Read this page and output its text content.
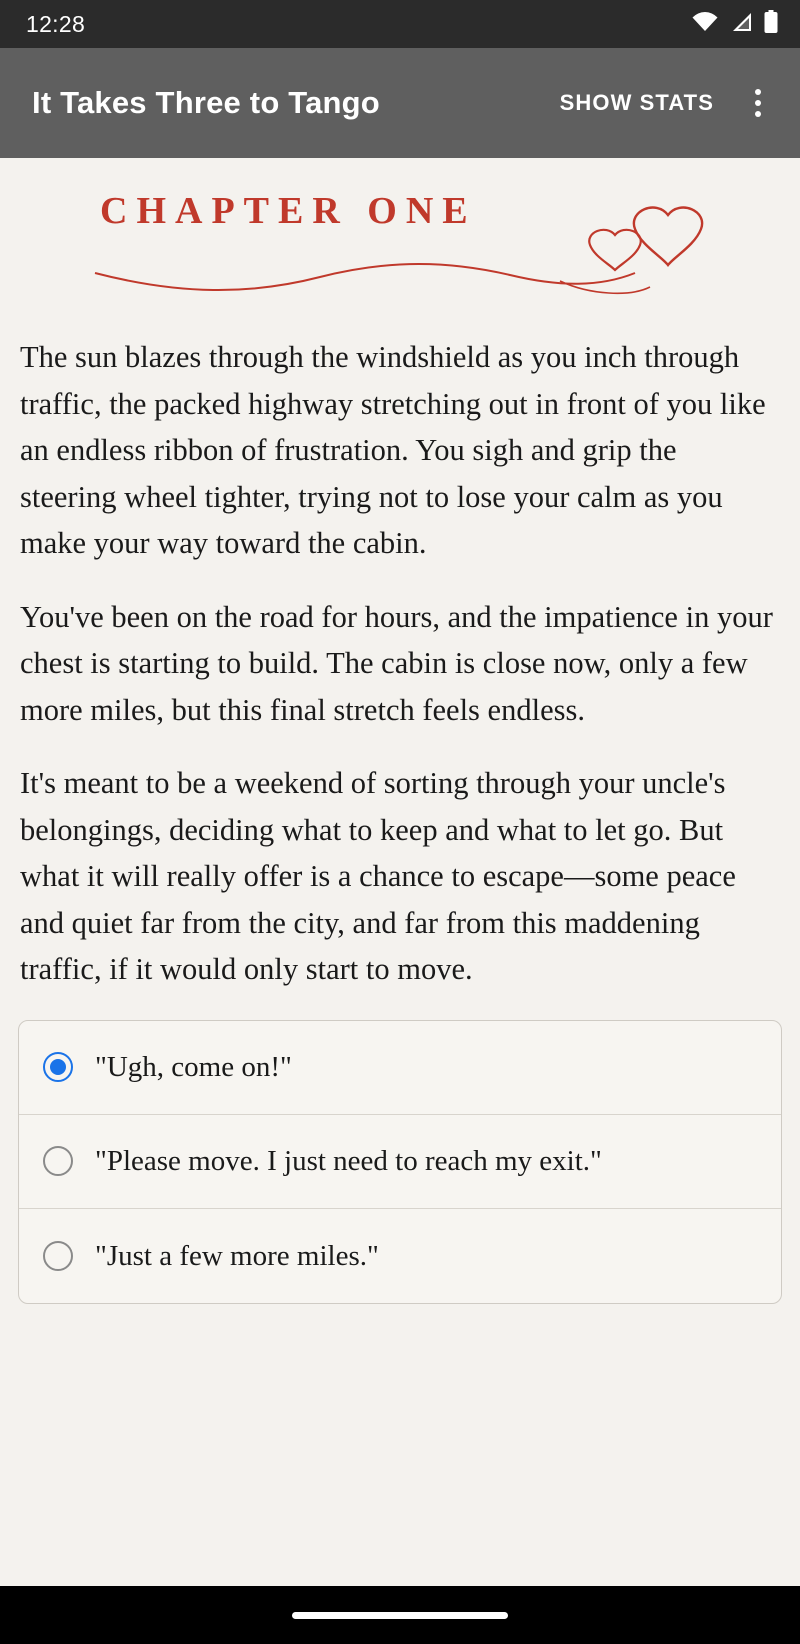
12:28
It Takes Three to Tango	SHOW STATS
CHAPTER ONE

The sun blazes through the windshield as you inch through traffic, the packed highway stretching out in front of you like an endless ribbon of frustration. You sigh and grip the steering wheel tighter, trying not to lose your calm as you make your way toward the cabin.

You've been on the road for hours, and the impatience in your chest is starting to build. The cabin is close now, only a few more miles, but this final stretch feels endless.

It's meant to be a weekend of sorting through your uncle's belongings, deciding what to keep and what to let go. But what it will really offer is a chance to escape—some peace and quiet far from the city, and far from this maddening traffic, if it would only start to move.

"Ugh, come on!"
"Please move. I just need to reach my exit."
"Just a few more miles."
